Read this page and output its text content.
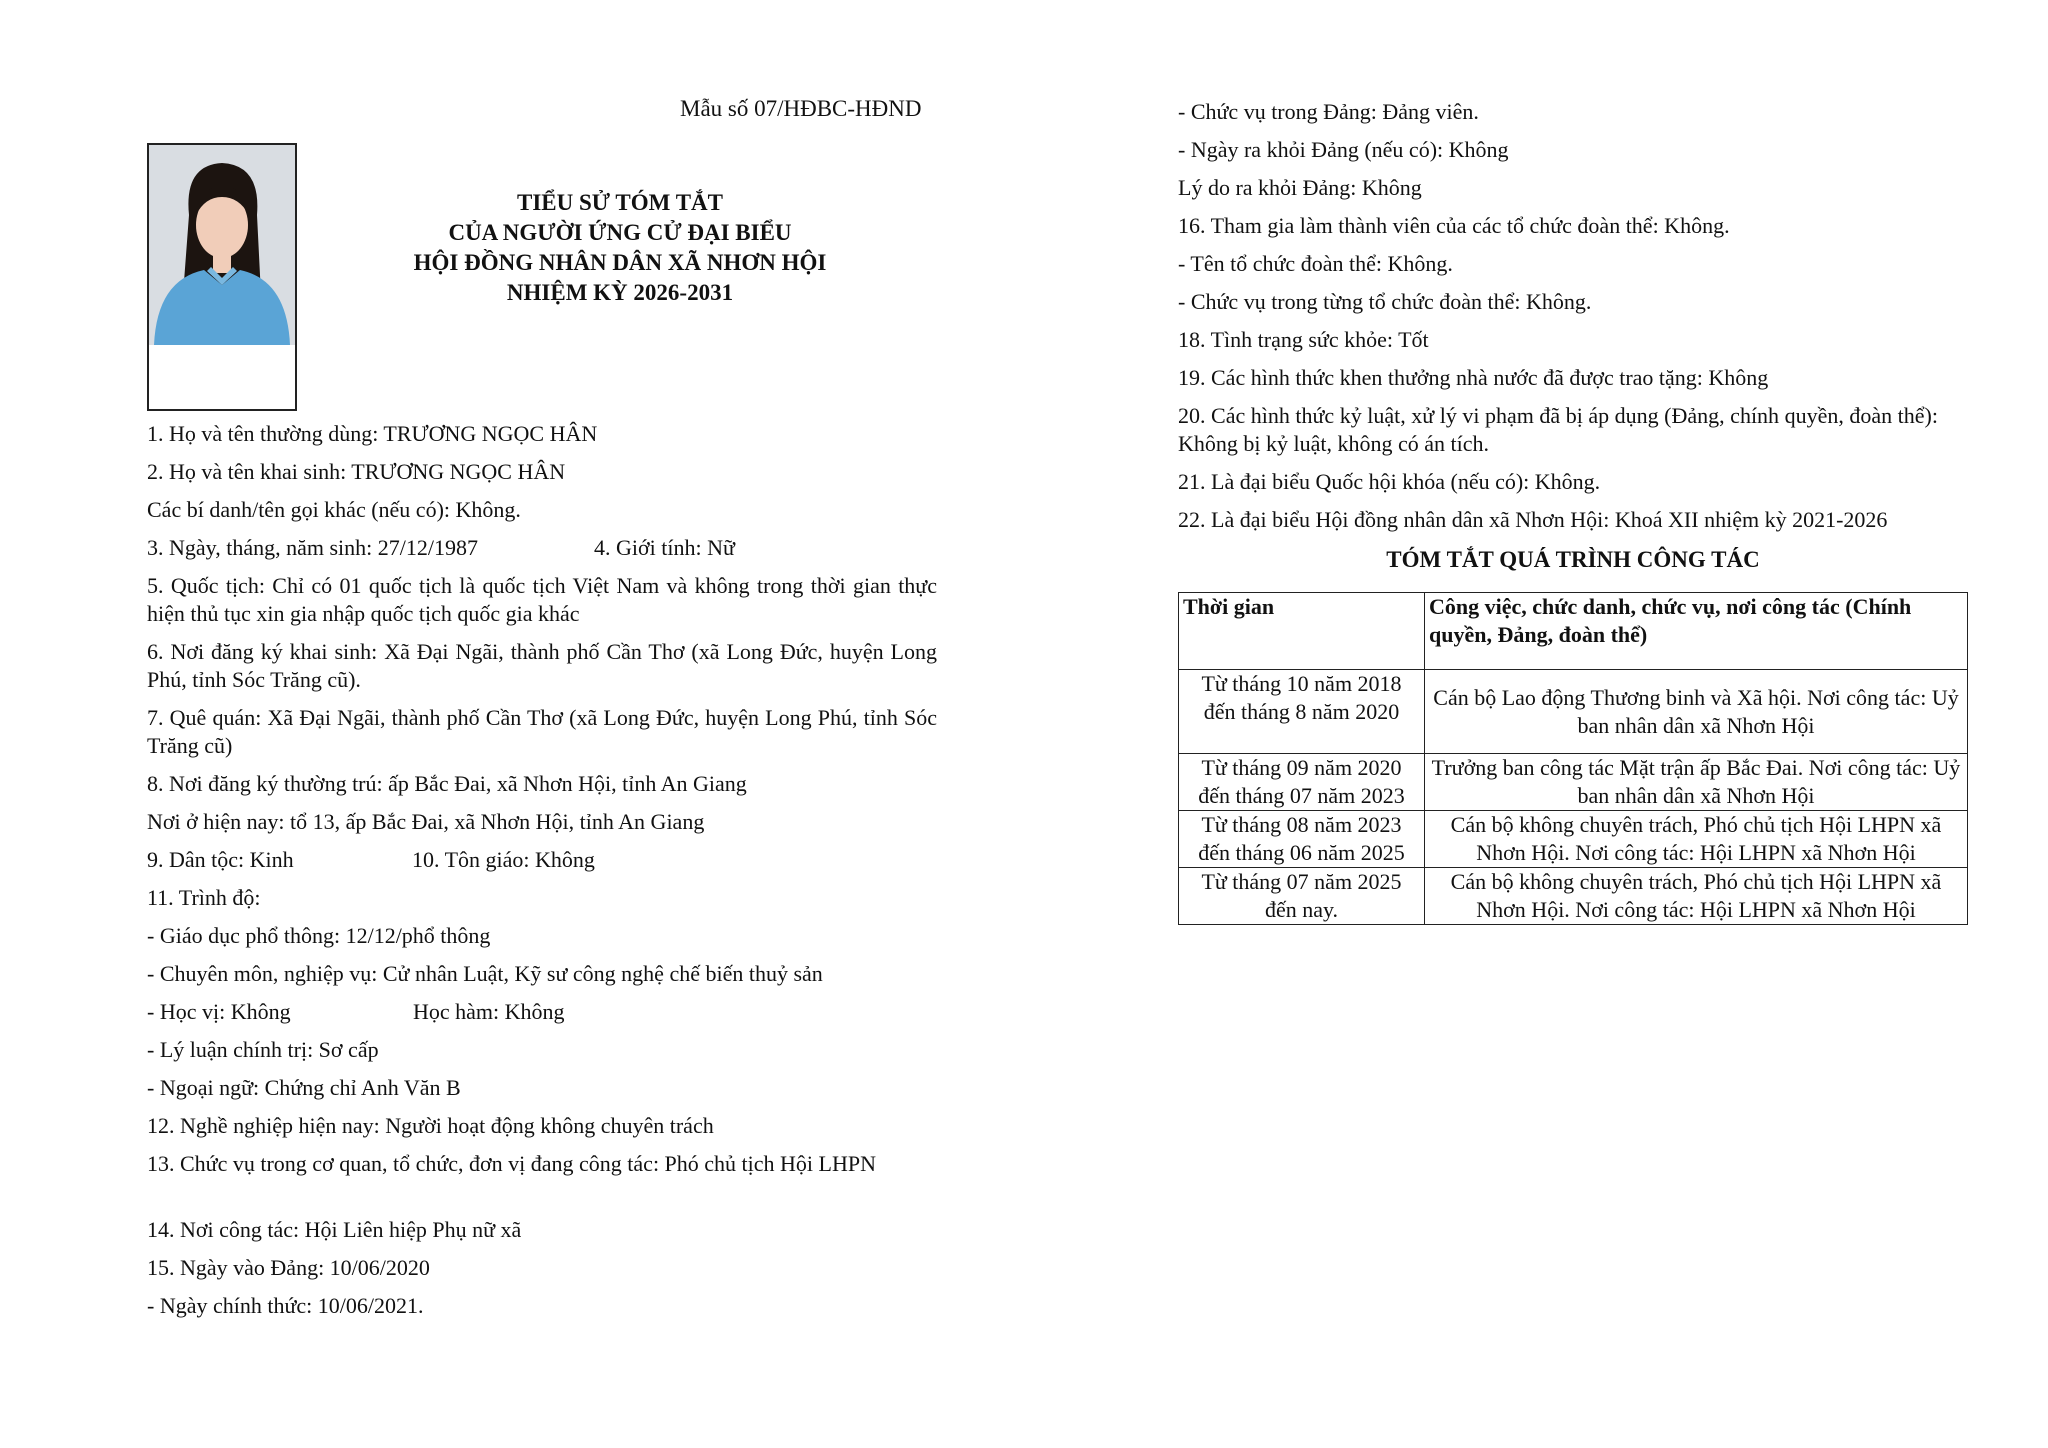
Mẫu số 07/HĐBC-HĐND
TIỂU SỬ TÓM TẮT
CỦA NGƯỜI ỨNG CỬ ĐẠI BIỂU
HỘI ĐỒNG NHÂN DÂN XÃ NHƠN HỘI
NHIỆM KỲ 2026-2031
1. Họ và tên thường dùng: TRƯƠNG NGỌC HÂN
2. Họ và tên khai sinh: TRƯƠNG NGỌC HÂN
Các bí danh/tên gọi khác (nếu có): Không.
3. Ngày, tháng, năm sinh: 27/12/1987	4. Giới tính: Nữ
5. Quốc tịch: Chỉ có 01 quốc tịch là quốc tịch Việt Nam và không trong thời gian thực hiện thủ tục xin gia nhập quốc tịch quốc gia khác
6. Nơi đăng ký khai sinh: Xã Đại Ngãi, thành phố Cần Thơ (xã Long Đức, huyện Long Phú, tỉnh Sóc Trăng cũ).
7. Quê quán: Xã Đại Ngãi, thành phố Cần Thơ (xã Long Đức, huyện Long Phú, tỉnh Sóc Trăng cũ)
8. Nơi đăng ký thường trú: ấp Bắc Đai, xã Nhơn Hội, tỉnh An Giang
Nơi ở hiện nay: tổ 13, ấp Bắc Đai, xã Nhơn Hội, tỉnh An Giang
9. Dân tộc: Kinh	10. Tôn giáo: Không
11. Trình độ:
- Giáo dục phổ thông: 12/12/phổ thông
- Chuyên môn, nghiệp vụ: Cử nhân Luật, Kỹ sư công nghệ chế biến thuỷ sản
- Học vị: Không	Học hàm: Không
- Lý luận chính trị: Sơ cấp
- Ngoại ngữ: Chứng chỉ Anh Văn B
12. Nghề nghiệp hiện nay: Người hoạt động không chuyên trách
13. Chức vụ trong cơ quan, tổ chức, đơn vị đang công tác: Phó chủ tịch Hội LHPN
14. Nơi công tác: Hội Liên hiệp Phụ nữ xã
15. Ngày vào Đảng: 10/06/2020
- Ngày chính thức: 10/06/2021.
- Chức vụ trong Đảng: Đảng viên.
- Ngày ra khỏi Đảng (nếu có): Không
Lý do ra khỏi Đảng: Không
16. Tham gia làm thành viên của các tổ chức đoàn thể: Không.
- Tên tổ chức đoàn thể: Không.
- Chức vụ trong từng tổ chức đoàn thể: Không.
18. Tình trạng sức khỏe: Tốt
19. Các hình thức khen thưởng nhà nước đã được trao tặng: Không
20. Các hình thức kỷ luật, xử lý vi phạm đã bị áp dụng (Đảng, chính quyền, đoàn thể): Không bị kỷ luật, không có án tích.
21. Là đại biểu Quốc hội khóa (nếu có): Không.
22. Là đại biểu Hội đồng nhân dân xã Nhơn Hội: Khoá XII nhiệm kỳ 2021-2026
TÓM TẮT QUÁ TRÌNH CÔNG TÁC
Thời gian	Công việc, chức danh, chức vụ, nơi công tác (Chính quyền, Đảng, đoàn thể)
Từ tháng 10 năm 2018 đến tháng 8 năm 2020	Cán bộ Lao động Thương binh và Xã hội. Nơi công tác: Uỷ ban nhân dân xã Nhơn Hội
Từ tháng 09 năm 2020 đến tháng 07 năm 2023	Trưởng ban công tác Mặt trận ấp Bắc Đai. Nơi công tác: Uỷ ban nhân dân xã Nhơn Hội
Từ tháng 08 năm 2023 đến tháng 06 năm 2025	Cán bộ không chuyên trách, Phó chủ tịch Hội LHPN xã Nhơn Hội. Nơi công tác: Hội LHPN xã Nhơn Hội
Từ tháng 07 năm 2025 đến nay.	Cán bộ không chuyên trách, Phó chủ tịch Hội LHPN xã Nhơn Hội. Nơi công tác: Hội LHPN xã Nhơn Hội
